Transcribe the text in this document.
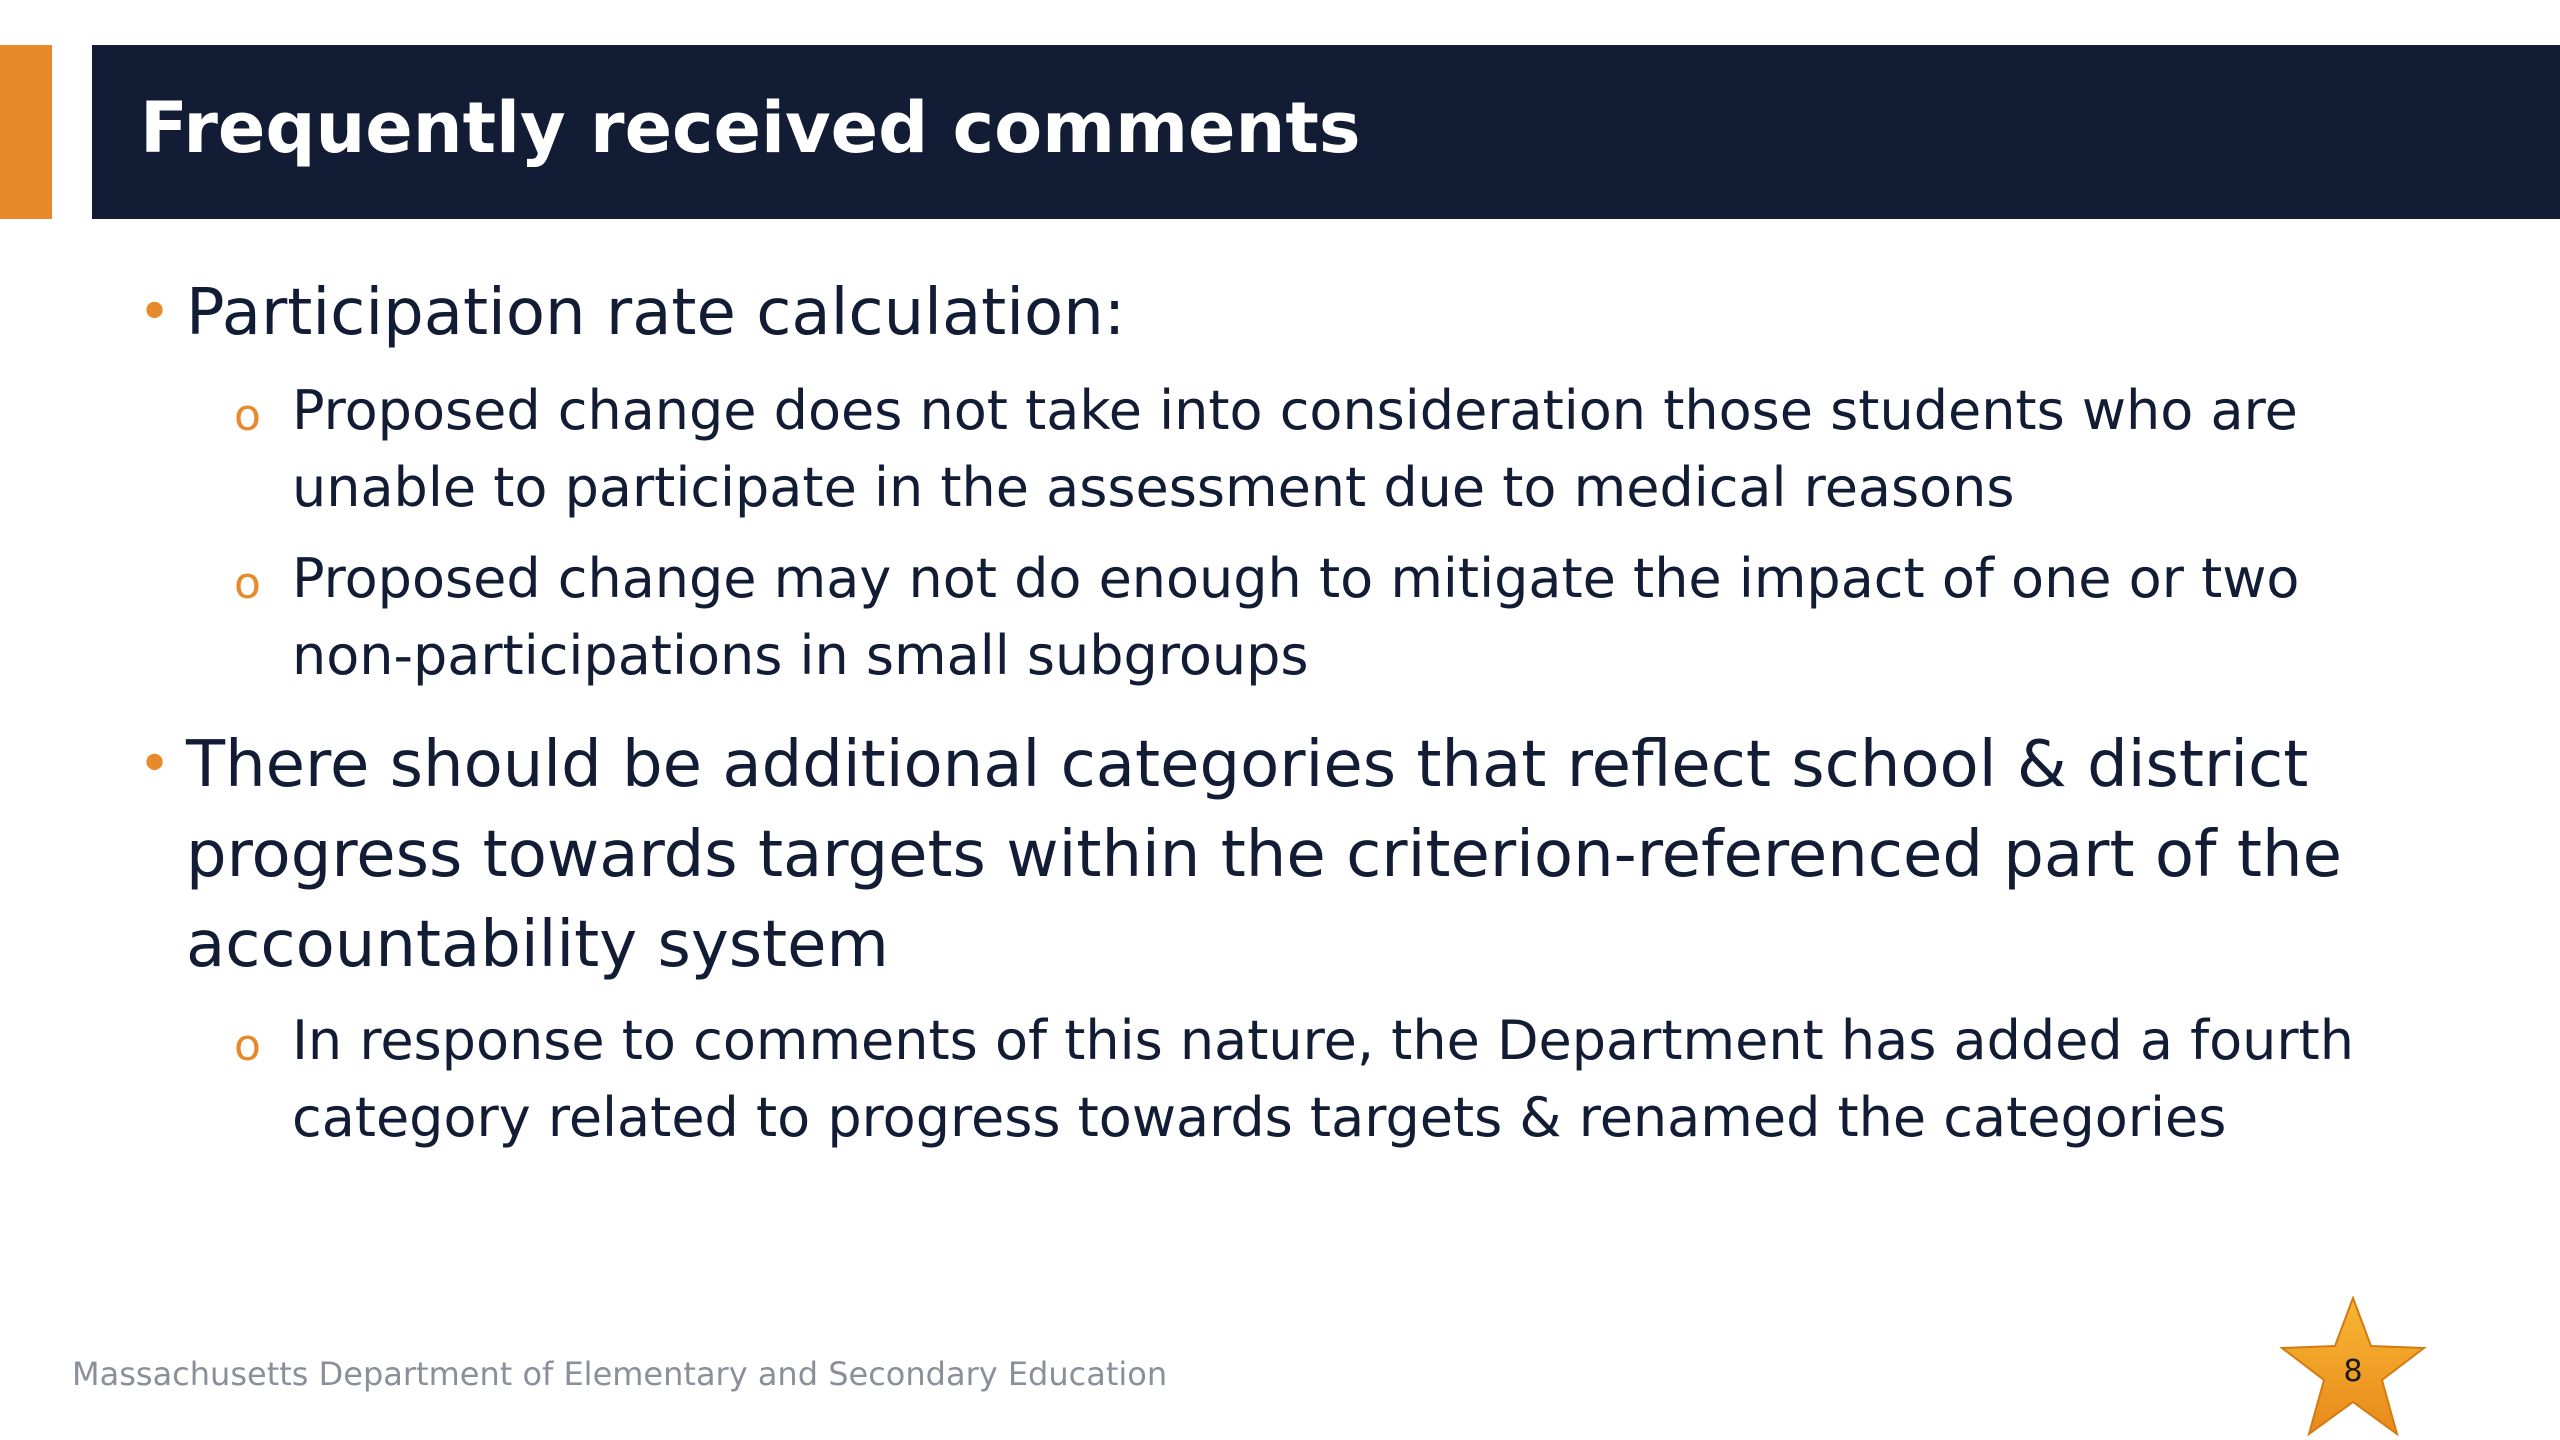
Frequently received comments
• Participation rate calculation:
o Proposed change does not take into consideration those students who are
unable to participate in the assessment due to medical reasons
o Proposed change may not do enough to mitigate the impact of one or two
non-participations in small subgroups
• There should be additional categories that reflect school & district
progress towards targets within the criterion-referenced part of the
accountability system
o In response to comments of this nature, the Department has added a fourth
category related to progress towards targets & renamed the categories
Massachusetts Department of Elementary and Secondary Education	8
